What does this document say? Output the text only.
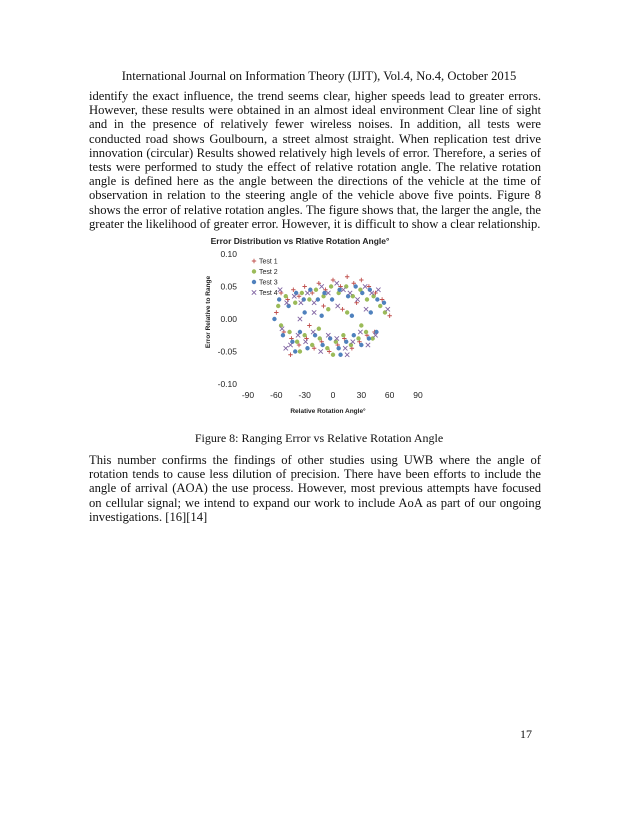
International Journal on Information Theory (IJIT), Vol.4, No.4, October 2015

identify the exact influence, the trend seems clear, higher speeds lead to greater errors. However, these results were obtained in an almost ideal environment Clear line of sight and in the presence of relatively fewer wireless noises. In addition, all tests were conducted road shows Goulbourn, a street almost straight. When replication test drive innovation (circular) Results showed relatively high levels of error. Therefore, a series of tests were performed to study the effect of relative rotation angle. The relative rotation angle is defined here as the angle between the directions of the vehicle at the time of observation in relation to the steering angle of the vehicle above five points. Figure 8 shows the error of relative rotation angles. The figure shows that, the larger the angle, the greater the likelihood of greater error. However, it is difficult to show a clear relationship.

Error Distribution vs Rlative Rotation Angle°
Error Relative to Range
Relative Rotation Angle°
0.10
0.05
0.00
-0.05
-0.10
-90 -60 -30 0 30 60 90
Test 1
Test 2
Test 3
Test 4
Figure 8: Ranging Error vs Relative Rotation Angle

This number confirms the findings of other studies using UWB where the angle of rotation tends to cause less dilution of precision. There have been efforts to include the angle of arrival (AOA) the use process. However, most previous attempts have focused on cellular signal; we intend to expand our work to include AoA as part of our ongoing investigations. [16][14]

17
